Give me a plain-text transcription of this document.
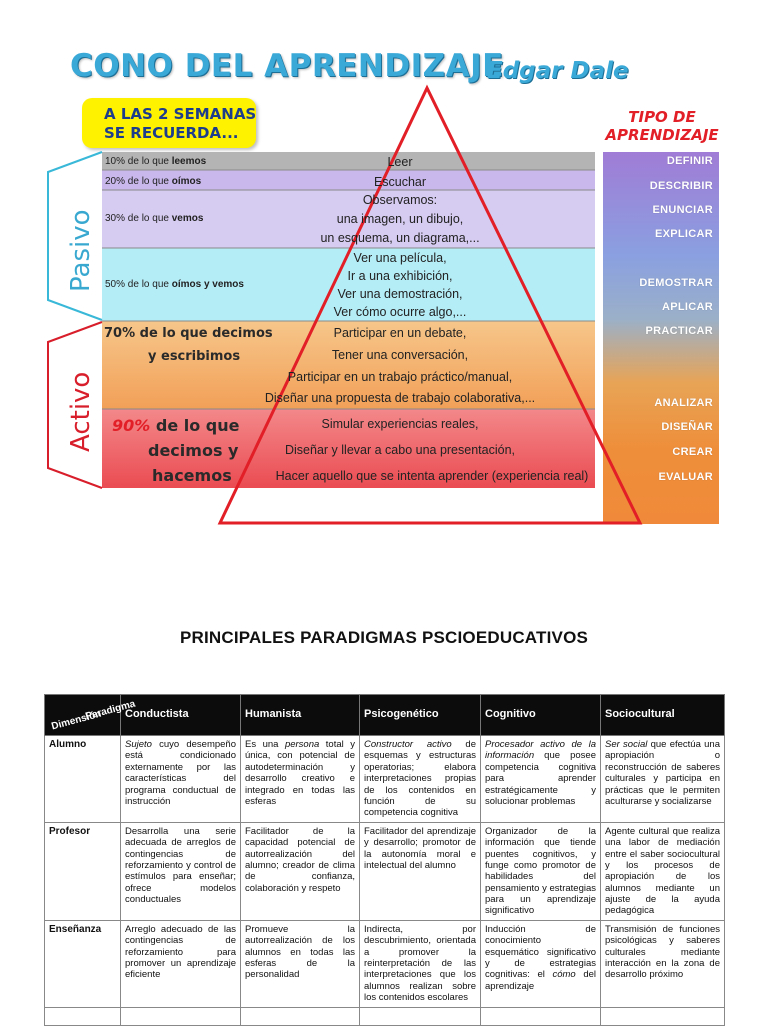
CONO DEL APRENDIZAJE
Edgar Dale
A LAS 2 SEMANAS
SE RECUERDA...
TIPO DE
APRENDIZAJE
DEFINIR
DESCRIBIR
ENUNCIAR
EXPLICAR
DEMOSTRAR
APLICAR
PRACTICAR
ANALIZAR
DISEÑAR
CREAR
EVALUAR
Pasivo
Activo
10% de lo que leemos
20% de lo que oímos
30% de lo que vemos
50% de lo que oímos y vemos
70% de lo que decimos
y escribimos
90% de lo que
decimos y
hacemos
Leer
Escuchar
Observamos:
una imagen, un dibujo,
un esquema, un diagrama,...
Ver una película,
Ir a una exhibición,
Ver una demostración,
Ver cómo ocurre algo,...
Participar en un debate,
Tener una conversación,
Participar en un trabajo práctico/manual,
Diseñar una propuesta de trabajo colaborativa,...
Simular experiencias reales,
Diseñar y llevar a cabo una presentación,
Hacer aquello que se intenta aprender (experiencia real)
PRINCIPALES PARADIGMAS PSCIOEDUCATIVOS
Paradigma
Dimensión	Conductista	Humanista	Psicogenético	Cognitivo	Sociocultural
Alumno	Sujeto cuyo desempeño está condicionado externamente por las características del programa conductual de instrucción	Es una persona total y única, con potencial de autodeterminación y desarrollo creativo e integrado en todas las esferas	Constructor activo de esquemas y estructuras operatorias; elabora interpretaciones propias de los contenidos en función de su competencia cognitiva	Procesador activo de la información que posee competencia cognitiva para aprender estratégicamente y solucionar problemas	Ser social que efectúa una apropiación o reconstrucción de saberes culturales y participa en prácticas que le permiten aculturarse y socializarse
Profesor	Desarrolla una serie adecuada de arreglos de contingencias de reforzamiento y control de estímulos para enseñar; ofrece modelos conductuales	Facilitador de la capacidad potencial de autorrealización del alumno; creador de clima de confianza, colaboración y respeto	Facilitador del aprendizaje y desarrollo; promotor de la autonomía moral e intelectual del alumno	Organizador de la información que tiende puentes cognitivos, y funge como promotor de habilidades del pensamiento y estrategias para un aprendizaje significativo	Agente cultural que realiza una labor de mediación entre el saber sociocultural y los procesos de apropiación de los alumnos mediante un ajuste de la ayuda pedagógica
Enseñanza	Arreglo adecuado de las contingencias de reforzamiento para promover un aprendizaje eficiente	Promueve la autorrealización de los alumnos en todas las esferas de la personalidad	Indirecta, por descubrimiento, orientada a promover la reinterpretación de las interpretaciones que los alumnos realizan sobre los contenidos escolares	Inducción de conocimiento esquemático significativo y de estrategias cognitivas: el cómo del aprendizaje	Transmisión de funciones psicológicas y saberes culturales mediante interacción en la zona de desarrollo próximo
